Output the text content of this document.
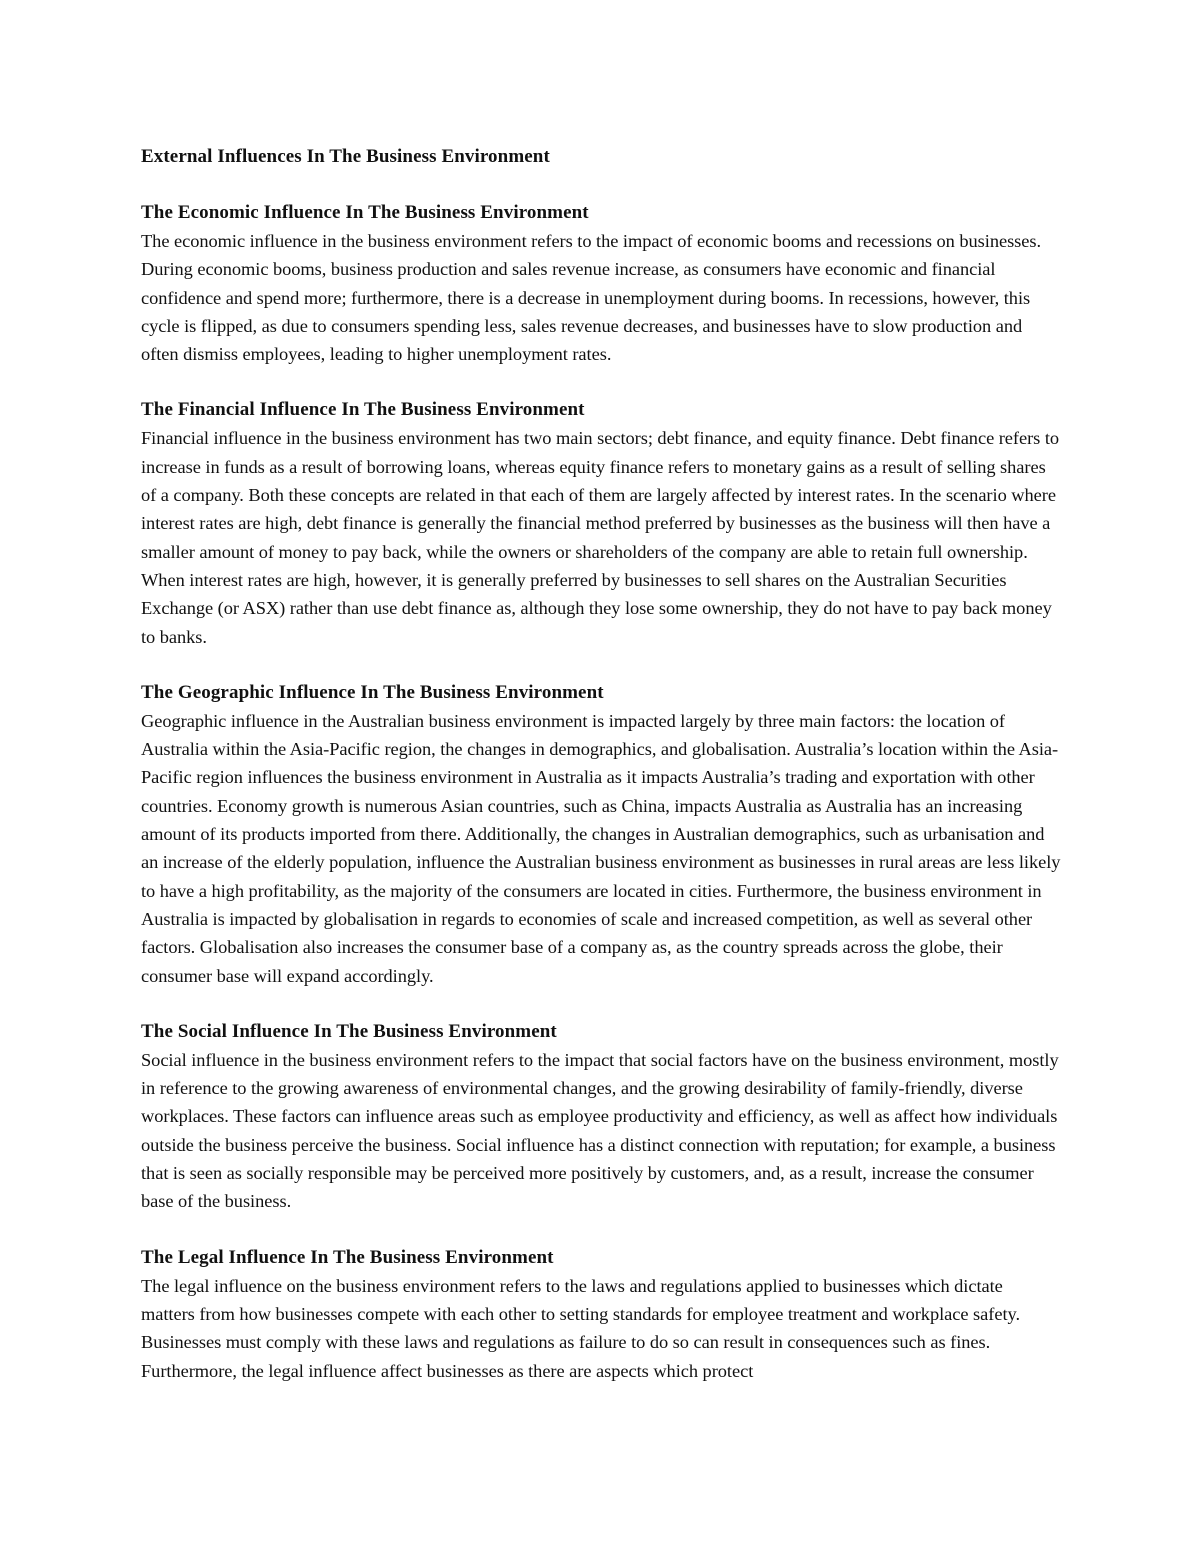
External Influences In The Business Environment
The Economic Influence In The Business Environment

The economic influence in the business environment refers to the impact of economic booms and recessions on businesses. During economic booms, business production and sales revenue increase, as consumers have economic and financial confidence and spend more; furthermore, there is a decrease in unemployment during booms. In recessions, however, this cycle is flipped, as due to consumers spending less, sales revenue decreases, and businesses have to slow production and often dismiss employees, leading to higher unemployment rates.

The Financial Influence In The Business Environment

Financial influence in the business environment has two main sectors; debt finance, and equity finance. Debt finance refers to increase in funds as a result of borrowing loans, whereas equity finance refers to monetary gains as a result of selling shares of a company. Both these concepts are related in that each of them are largely affected by interest rates. In the scenario where interest rates are high, debt finance is generally the financial method preferred by businesses as the business will then have a smaller amount of money to pay back, while the owners or shareholders of the company are able to retain full ownership. When interest rates are high, however, it is generally preferred by businesses to sell shares on the Australian Securities Exchange (or ASX) rather than use debt finance as, although they lose some ownership, they do not have to pay back money to banks.

The Geographic Influence In The Business Environment

Geographic influence in the Australian business environment is impacted largely by three main factors: the location of Australia within the Asia-Pacific region, the changes in demographics, and globalisation. Australia’s location within the Asia-Pacific region influences the business environment in Australia as it impacts Australia’s trading and exportation with other countries. Economy growth is numerous Asian countries, such as China, impacts Australia as Australia has an increasing amount of its products imported from there. Additionally, the changes in Australian demographics, such as urbanisation and an increase of the elderly population, influence the Australian business environment as businesses in rural areas are less likely to have a high profitability, as the majority of the consumers are located in cities. Furthermore, the business environment in Australia is impacted by globalisation in regards to economies of scale and increased competition, as well as several other factors. Globalisation also increases the consumer base of a company as, as the country spreads across the globe, their consumer base will expand accordingly.

The Social Influence In The Business Environment

Social influence in the business environment refers to the impact that social factors have on the business environment, mostly in reference to the growing awareness of environmental changes, and the growing desirability of family-friendly, diverse workplaces. These factors can influence areas such as employee productivity and efficiency, as well as affect how individuals outside the business perceive the business. Social influence has a distinct connection with reputation; for example, a business that is seen as socially responsible may be perceived more positively by customers, and, as a result, increase the consumer base of the business.

The Legal Influence In The Business Environment

The legal influence on the business environment refers to the laws and regulations applied to businesses which dictate matters from how businesses compete with each other to setting standards for employee treatment and workplace safety. Businesses must comply with these laws and regulations as failure to do so can result in consequences such as fines. Furthermore, the legal influence affect businesses as there are aspects which protect
